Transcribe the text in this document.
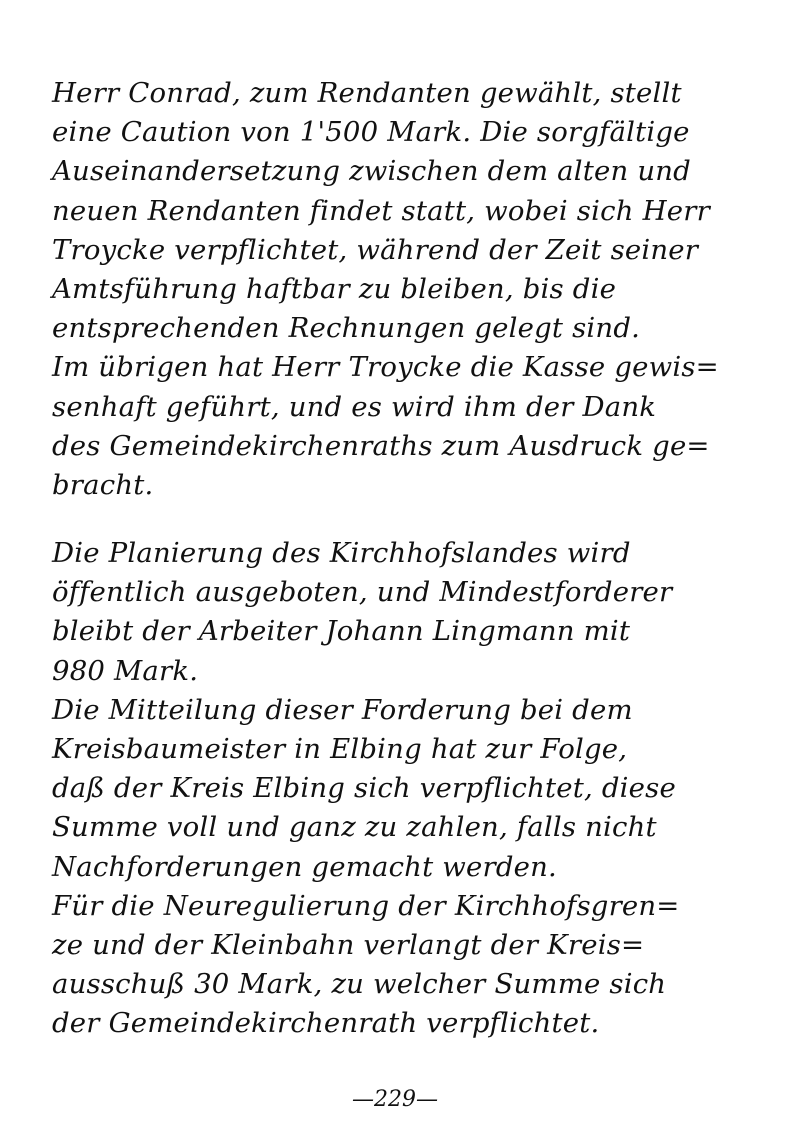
Herr Conrad, zum Rendanten gewählt, stellt
eine Caution von 1'500 Mark. Die sorgfältige
Auseinandersetzung zwischen dem alten und
neuen Rendanten findet statt, wobei sich Herr
Troycke verpflichtet, während der Zeit seiner
Amtsführung haftbar zu bleiben, bis die
entsprechenden Rechnungen gelegt sind.
Im übrigen hat Herr Troycke die Kasse gewis=
senhaft geführt, und es wird ihm der Dank
des Gemeindekirchenraths zum Ausdruck ge=
bracht.
Die Planierung des Kirchhofslandes wird
öffentlich ausgeboten, und Mindestforderer
bleibt der Arbeiter Johann Lingmann mit
980 Mark.
Die Mitteilung dieser Forderung bei dem
Kreisbaumeister in Elbing hat zur Folge,
daß der Kreis Elbing sich verpflichtet, diese
Summe voll und ganz zu zahlen, falls nicht
Nachforderungen gemacht werden.
Für die Neuregulierung der Kirchhofsgren=
ze und der Kleinbahn verlangt der Kreis=
ausschuß 30 Mark, zu welcher Summe sich
der Gemeindekirchenrath verpflichtet.
—229—
